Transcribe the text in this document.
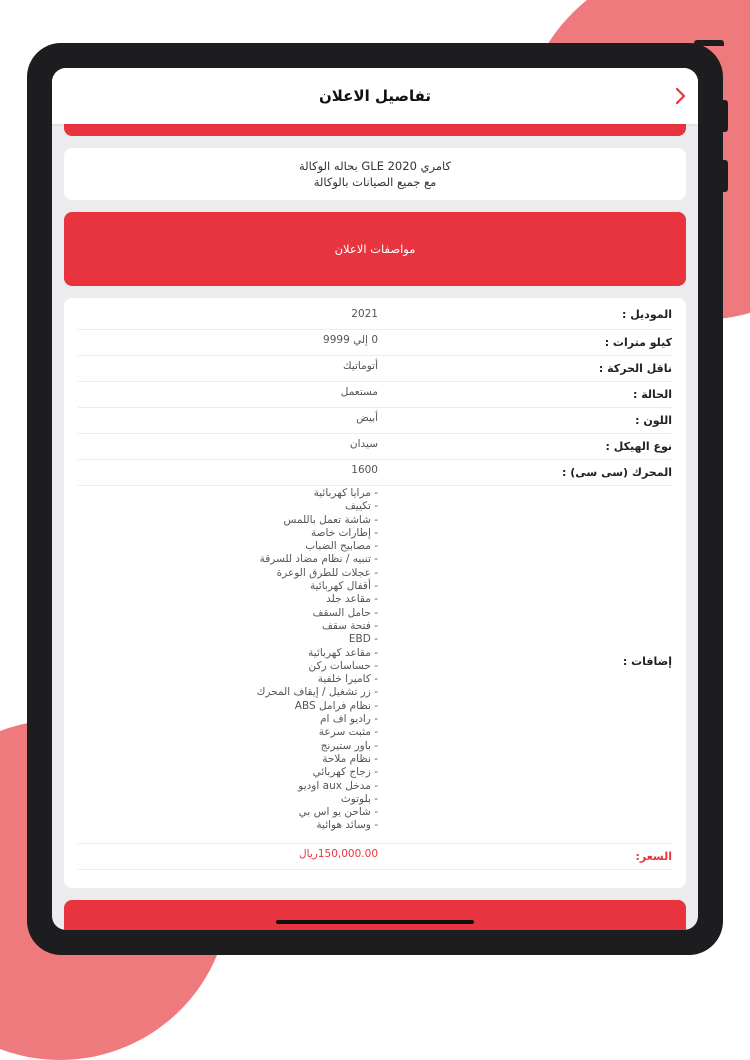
تفاصيل الاعلان
كامري GLE 2020 بحاله الوكالة
مع جميع الصيانات بالوكالة
مواصفات الاعلان
الموديل :
2021
كيلو مترات :
0 إلي 9999
ناقل الحركة :
أتوماتيك
الحالة :
مستعمل
اللون :
أبيض
نوع الهيكل :
سيدان
المحرك (سى سى) :
1600
إضافات :
- مرايا كهربائية
- تكييف
- شاشة تعمل باللمس
- إطارات خاصة
- مصابيح الضباب
- تنبيه / نظام مضاد للسرقة
- عجلات للطرق الوعرة
- أقفال كهربائية
- مقاعد جلد
- حامل السقف
- فتحة سقف
- EBD
- مقاعد كهربائية
- حساسات ركن
- كاميرا خلفية
- زر تشغيل / إيقاف المحرك
- نظام فرامل ABS
- راديو اف ام
- مثبت سرعة
- باور ستيرنج
- نظام ملاحة
- زجاج كهربائي
- مدخل aux اوديو
- بلوتوث
- شاحن يو اس بي
- وسائد هوائية
السعر:
150,000.00ريال
